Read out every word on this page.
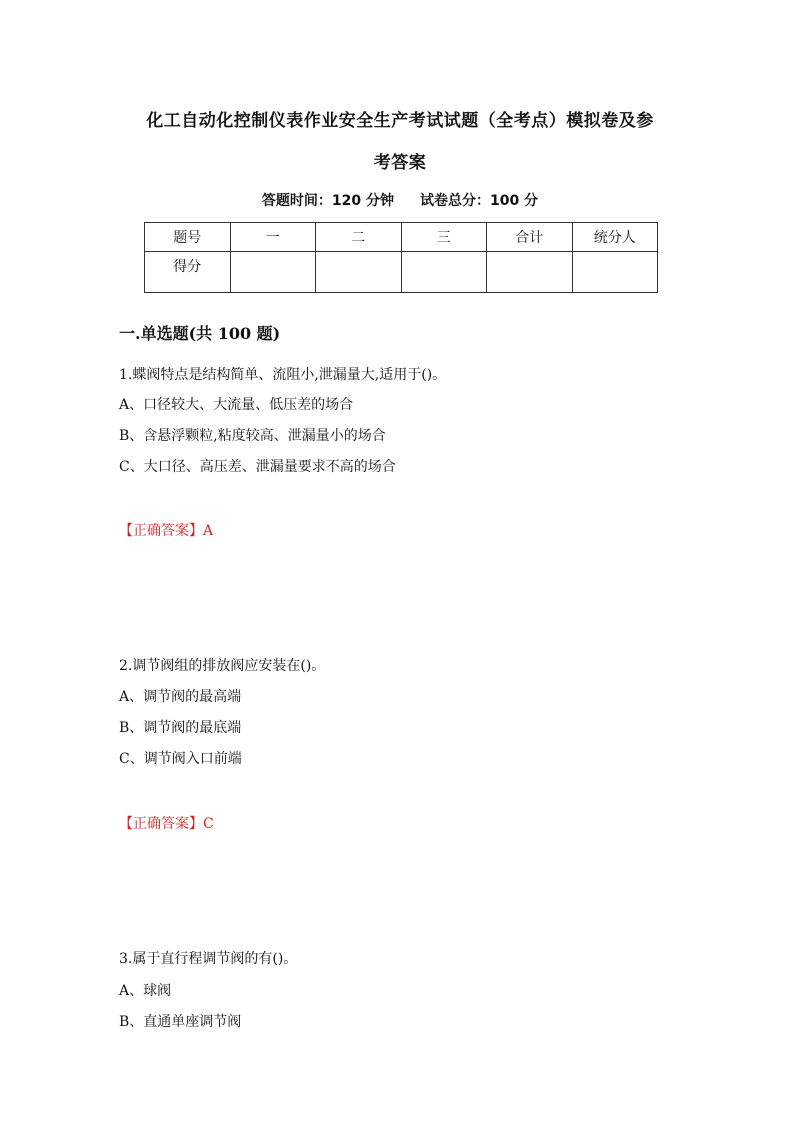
化工自动化控制仪表作业安全生产考试试题（全考点）模拟卷及参
考答案
答题时间：120 分钟 试卷总分：100 分
题号	一	二	三	合计	统分人
得分					
一.单选题(共 100 题)
1.蝶阀特点是结构简单、流阻小,泄漏量大,适用于()。
A、口径较大、大流量、低压差的场合
B、含悬浮颗粒,粘度较高、泄漏量小的场合
C、大口径、高压差、泄漏量要求不高的场合
【正确答案】A
2.调节阀组的排放阀应安装在()。
A、调节阀的最高端
B、调节阀的最底端
C、调节阀入口前端
【正确答案】C
3.属于直行程调节阀的有()。
A、球阀
B、直通单座调节阀
